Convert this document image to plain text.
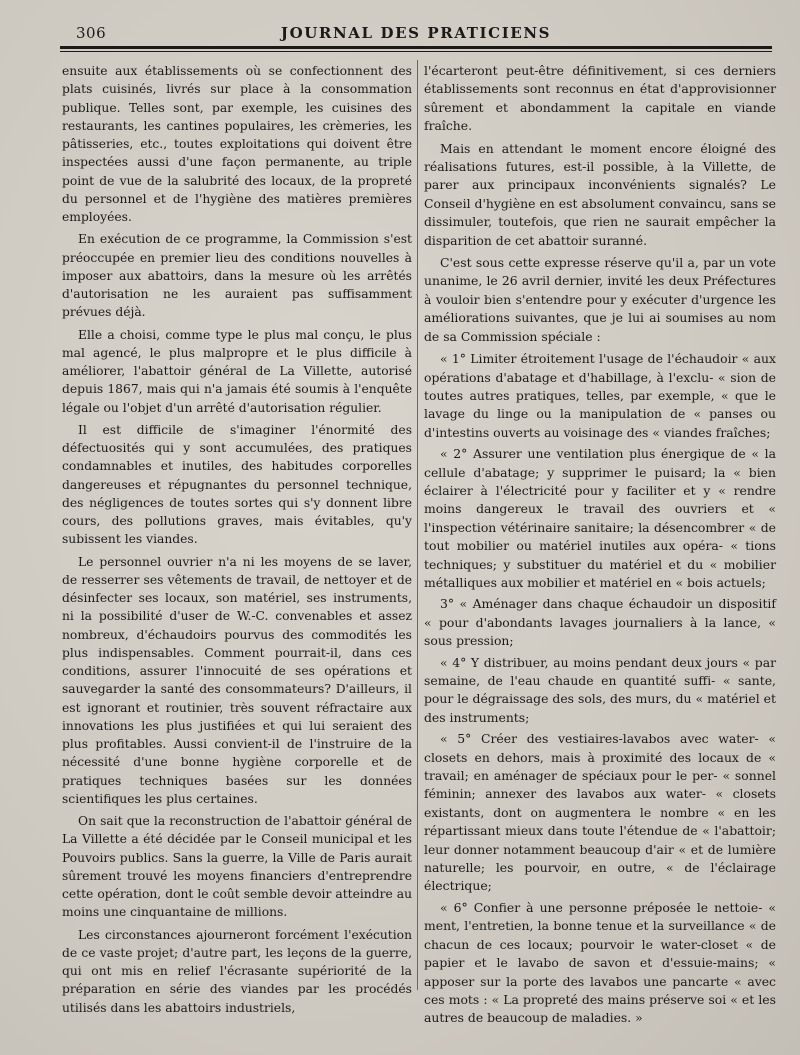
306	JOURNAL DES PRATICIENS

ensuite aux établissements où se confectionnent des plats cuisinés, livrés sur place à la consommation publique. Telles sont, par exemple, les cuisines des restaurants, les cantines populaires, les crèmeries, les pâtisseries, etc., toutes exploitations qui doivent être inspectées aussi d'une façon permanente, au triple point de vue de la salubrité des locaux, de la propreté du personnel et de l'hygiène des matières premières employées.

En exécution de ce programme, la Commission s'est préoccupée en premier lieu des conditions nouvelles à imposer aux abattoirs, dans la mesure où les arrêtés d'autorisation ne les auraient pas suffisamment prévues déjà.

Elle a choisi, comme type le plus mal conçu, le plus mal agencé, le plus malpropre et le plus difficile à améliorer, l'abattoir général de La Villette, autorisé depuis 1867, mais qui n'a jamais été soumis à l'enquête légale ou l'objet d'un arrêté d'autorisation régulier.

Il est difficile de s'imaginer l'énormité des défectuosités qui y sont accumulées, des pratiques condamnables et inutiles, des habitudes corporelles dangereuses et répugnantes du personnel technique, des négligences de toutes sortes qui s'y donnent libre cours, des pollutions graves, mais évitables, qu'y subissent les viandes.

Le personnel ouvrier n'a ni les moyens de se laver, de resserrer ses vêtements de travail, de nettoyer et de désinfecter ses locaux, son matériel, ses instruments, ni la possibilité d'user de W.-C. convenables et assez nombreux, d'échaudoirs pourvus des commodités les plus indispensables. Comment pourrait-il, dans ces conditions, assurer l'innocuité de ses opérations et sauvegarder la santé des consommateurs? D'ailleurs, il est ignorant et routinier, très souvent réfractaire aux innovations les plus justifiées et qui lui seraient des plus profitables. Aussi convient-il de l'instruire de la nécessité d'une bonne hygiène corporelle et de pratiques techniques basées sur les données scientifiques les plus certaines.

On sait que la reconstruction de l'abattoir général de La Villette a été décidée par le Conseil municipal et les Pouvoirs publics. Sans la guerre, la Ville de Paris aurait sûrement trouvé les moyens financiers d'entreprendre cette opération, dont le coût semble devoir atteindre au moins une cinquantaine de millions.

Les circonstances ajourneront forcément l'exécution de ce vaste projet; d'autre part, les leçons de la guerre, qui ont mis en relief l'écrasante supériorité de la préparation en série des viandes par les procédés utilisés dans les abattoirs industriels,

l'écarteront peut-être définitivement, si ces derniers établissements sont reconnus en état d'approvisionner sûrement et abondamment la capitale en viande fraîche.

Mais en attendant le moment encore éloigné des réalisations futures, est-il possible, à la Villette, de parer aux principaux inconvénients signalés? Le Conseil d'hygiène en est absolument convaincu, sans se dissimuler, toutefois, que rien ne saurait empêcher la disparition de cet abattoir suranné.

C'est sous cette expresse réserve qu'il a, par un vote unanime, le 26 avril dernier, invité les deux Préfectures à vouloir bien s'entendre pour y exécuter d'urgence les améliorations suivantes, que je lui ai soumises au nom de sa Commission spéciale :

« 1° Limiter étroitement l'usage de l'échaudoir « aux opérations d'abatage et d'habillage, à l'exclu- « sion de toutes autres pratiques, telles, par exemple, « que le lavage du linge ou la manipulation de « panses ou d'intestins ouverts au voisinage des « viandes fraîches;

« 2° Assurer une ventilation plus énergique de « la cellule d'abatage; y supprimer le puisard; la « bien éclairer à l'électricité pour y faciliter et y « rendre moins dangereux le travail des ouvriers et « l'inspection vétérinaire sanitaire; la désencombrer « de tout mobilier ou matériel inutiles aux opéra- « tions techniques; y substituer du matériel et du « mobilier métalliques aux mobilier et matériel en « bois actuels;

3° « Aménager dans chaque échaudoir un dispositif « pour d'abondants lavages journaliers à la lance, « sous pression;

« 4° Y distribuer, au moins pendant deux jours « par semaine, de l'eau chaude en quantité suffi- « sante, pour le dégraissage des sols, des murs, du « matériel et des instruments;

« 5° Créer des vestiaires-lavabos avec water- « closets en dehors, mais à proximité des locaux de « travail; en aménager de spéciaux pour le per- « sonnel féminin; annexer des lavabos aux water- « closets existants, dont on augmentera le nombre « en les répartissant mieux dans toute l'étendue de « l'abattoir; leur donner notamment beaucoup d'air « et de lumière naturelle; les pourvoir, en outre, « de l'éclairage électrique;

« 6° Confier à une personne préposée le nettoie- « ment, l'entretien, la bonne tenue et la surveillance « de chacun de ces locaux; pourvoir le water-closet « de papier et le lavabo de savon et d'essuie-mains; « apposer sur la porte des lavabos une pancarte « avec ces mots : « La propreté des mains préserve soi « et les autres de beaucoup de maladies. »
